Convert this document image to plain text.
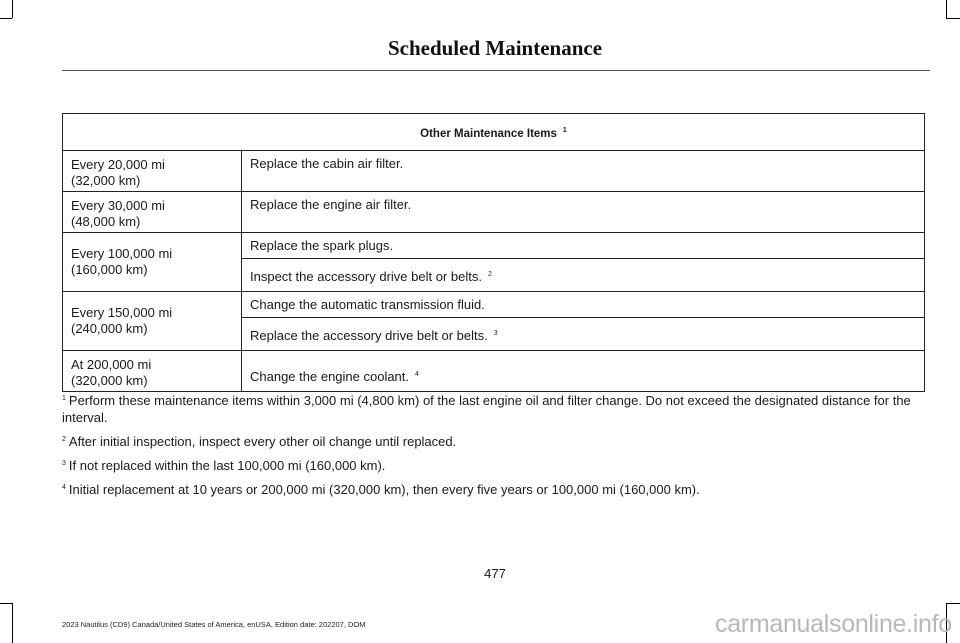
Scheduled Maintenance
Other Maintenance Items $^1$

Every 20,000 mi
(32,000 km)	Replace the cabin air filter.

Every 30,000 mi
(48,000 km)	Replace the engine air filter.

Every 100,000 mi
(160,000 km)	Replace the spark plugs.
	Inspect the accessory drive belt or belts. $^2$

Every 150,000 mi
(240,000 km)	Change the automatic transmission fluid.
	Replace the accessory drive belt or belts. $^3$

At 200,000 mi
(320,000 km)	Change the engine coolant. $^4$

$^1$ Perform these maintenance items within 3,000 mi (4,800 km) of the last engine oil and filter change. Do not exceed the designated distance for the interval.

$^2$ After initial inspection, inspect every other oil change until replaced.

$^3$ If not replaced within the last 100,000 mi (160,000 km).

$^4$ Initial replacement at 10 years or 200,000 mi (320,000 km), then every five years or 100,000 mi (160,000 km).

477
2023 Nautilus (CD9) Canada/United States of America, enUSA, Edition date: 202207, DOM	carmanualsonline.info
